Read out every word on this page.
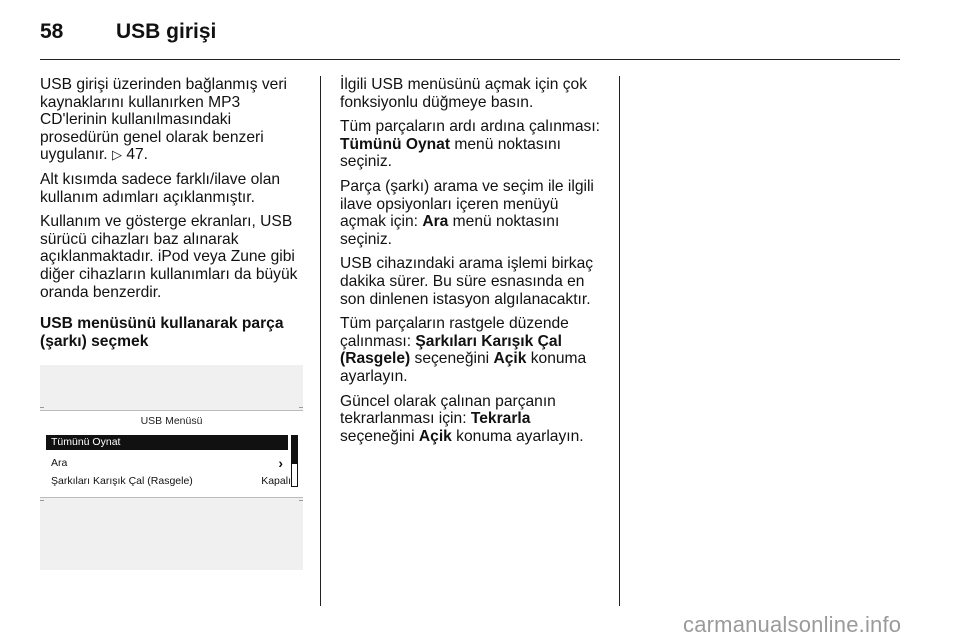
58	USB girişi

USB girişi üzerinden bağlanmış veri kaynaklarını kullanırken MP3 CD'lerinin kullanılmasındaki prosedürün genel olarak benzeri uygulanır. ▷ 47.

Alt kısımda sadece farklı/ilave olan kullanım adımları açıklanmıştır.

Kullanım ve gösterge ekranları, USB sürücü cihazları baz alınarak açıklanmaktadır. iPod veya Zune gibi diğer cihazların kullanımları da büyük oranda benzerdir.

USB menüsünü kullanarak parça (şarkı) seçmek

USB Menüsü
Tümünü Oynat
Ara	›
Şarkıları Karışık Çal (Rasgele)	Kapalı

İlgili USB menüsünü açmak için çok fonksiyonlu düğmeye basın.

Tüm parçaların ardı ardına çalınması: Tümünü Oynat menü noktasını seçiniz.

Parça (şarkı) arama ve seçim ile ilgili ilave opsiyonları içeren menüyü açmak için: Ara menü noktasını seçiniz.

USB cihazındaki arama işlemi birkaç dakika sürer. Bu süre esnasında en son dinlenen istasyon algılanacaktır.

Tüm parçaların rastgele düzende çalınması: Şarkıları Karışık Çal (Rasgele) seçeneğini Açik konuma ayarlayın.

Güncel olarak çalınan parçanın tekrarlanması için: Tekrarla seçeneğini Açik konuma ayarlayın.

carmanualsonline.info
